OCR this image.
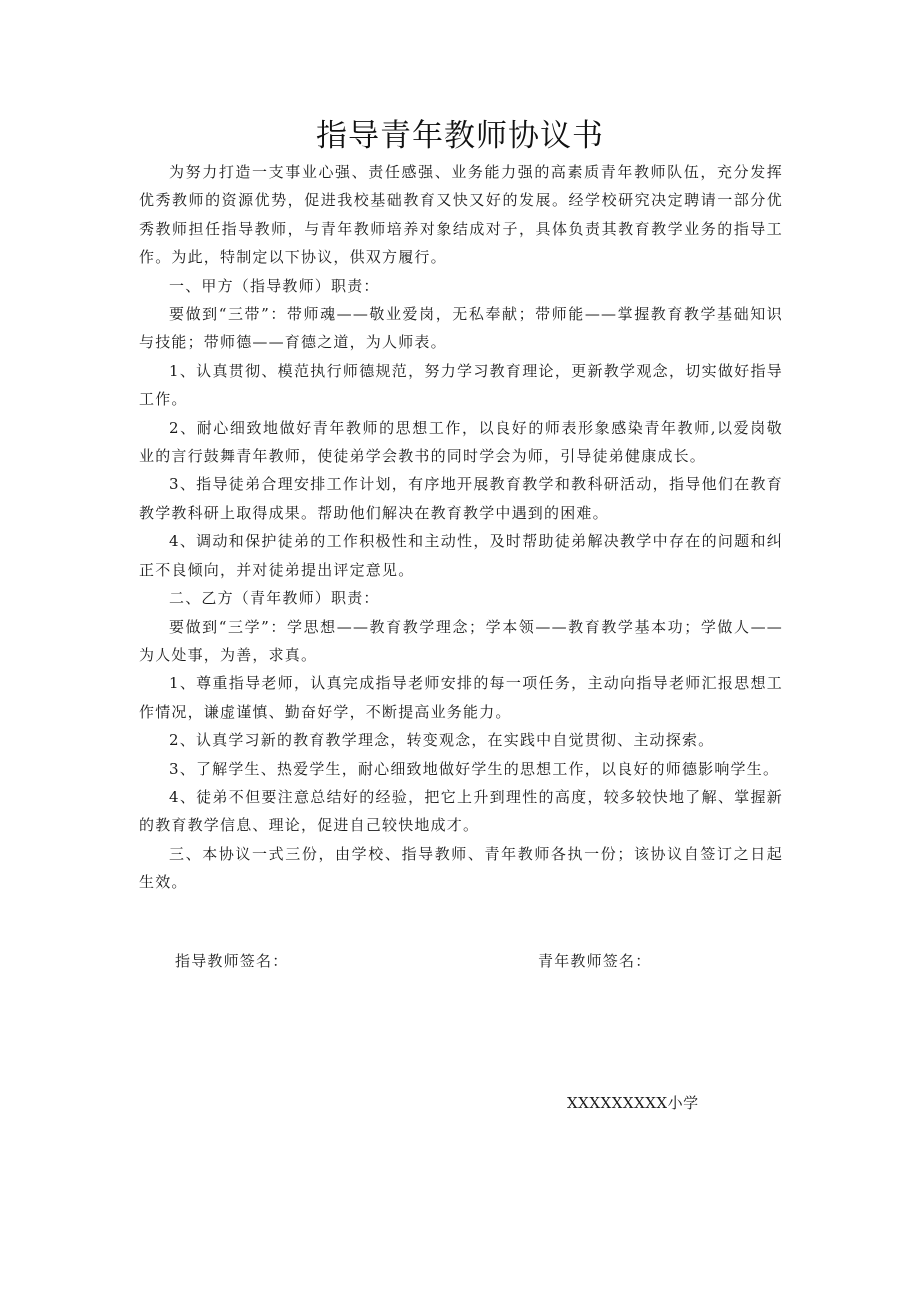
指导青年教师协议书

为努力打造一支事业心强、责任感强、业务能力强的高素质青年教师队伍，充分发挥优秀教师的资源优势，促进我校基础教育又快又好的发展。经学校研究决定聘请一部分优秀教师担任指导教师，与青年教师培养对象结成对子，具体负责其教育教学业务的指导工作。为此，特制定以下协议，供双方履行。

一、甲方（指导教师）职责：

要做到“三带”：带师魂——敬业爱岗，无私奉献；带师能——掌握教育教学基础知识与技能；带师德——育德之道，为人师表。

1、认真贯彻、模范执行师德规范，努力学习教育理论，更新教学观念，切实做好指导工作。

2、耐心细致地做好青年教师的思想工作，以良好的师表形象感染青年教师,以爱岗敬业的言行鼓舞青年教师，使徒弟学会教书的同时学会为师，引导徒弟健康成长。

3、指导徒弟合理安排工作计划，有序地开展教育教学和教科研活动，指导他们在教育教学教科研上取得成果。帮助他们解决在教育教学中遇到的困难。

4、调动和保护徒弟的工作积极性和主动性，及时帮助徒弟解决教学中存在的问题和纠正不良倾向，并对徒弟提出评定意见。

二、乙方（青年教师）职责：

要做到“三学”：学思想——教育教学理念；学本领——教育教学基本功；学做人——为人处事，为善，求真。

1、尊重指导老师，认真完成指导老师安排的每一项任务，主动向指导老师汇报思想工作情况，谦虚谨慎、勤奋好学，不断提高业务能力。

2、认真学习新的教育教学理念，转变观念，在实践中自觉贯彻、主动探索。

3、了解学生、热爱学生，耐心细致地做好学生的思想工作，以良好的师德影响学生。

4、徒弟不但要注意总结好的经验，把它上升到理性的高度，较多较快地了解、掌握新的教育教学信息、理论，促进自己较快地成才。

三、本协议一式三份，由学校、指导教师、青年教师各执一份；该协议自签订之日起生效。

指导教师签名：	青年教师签名：
XXXXXXXXX小学
